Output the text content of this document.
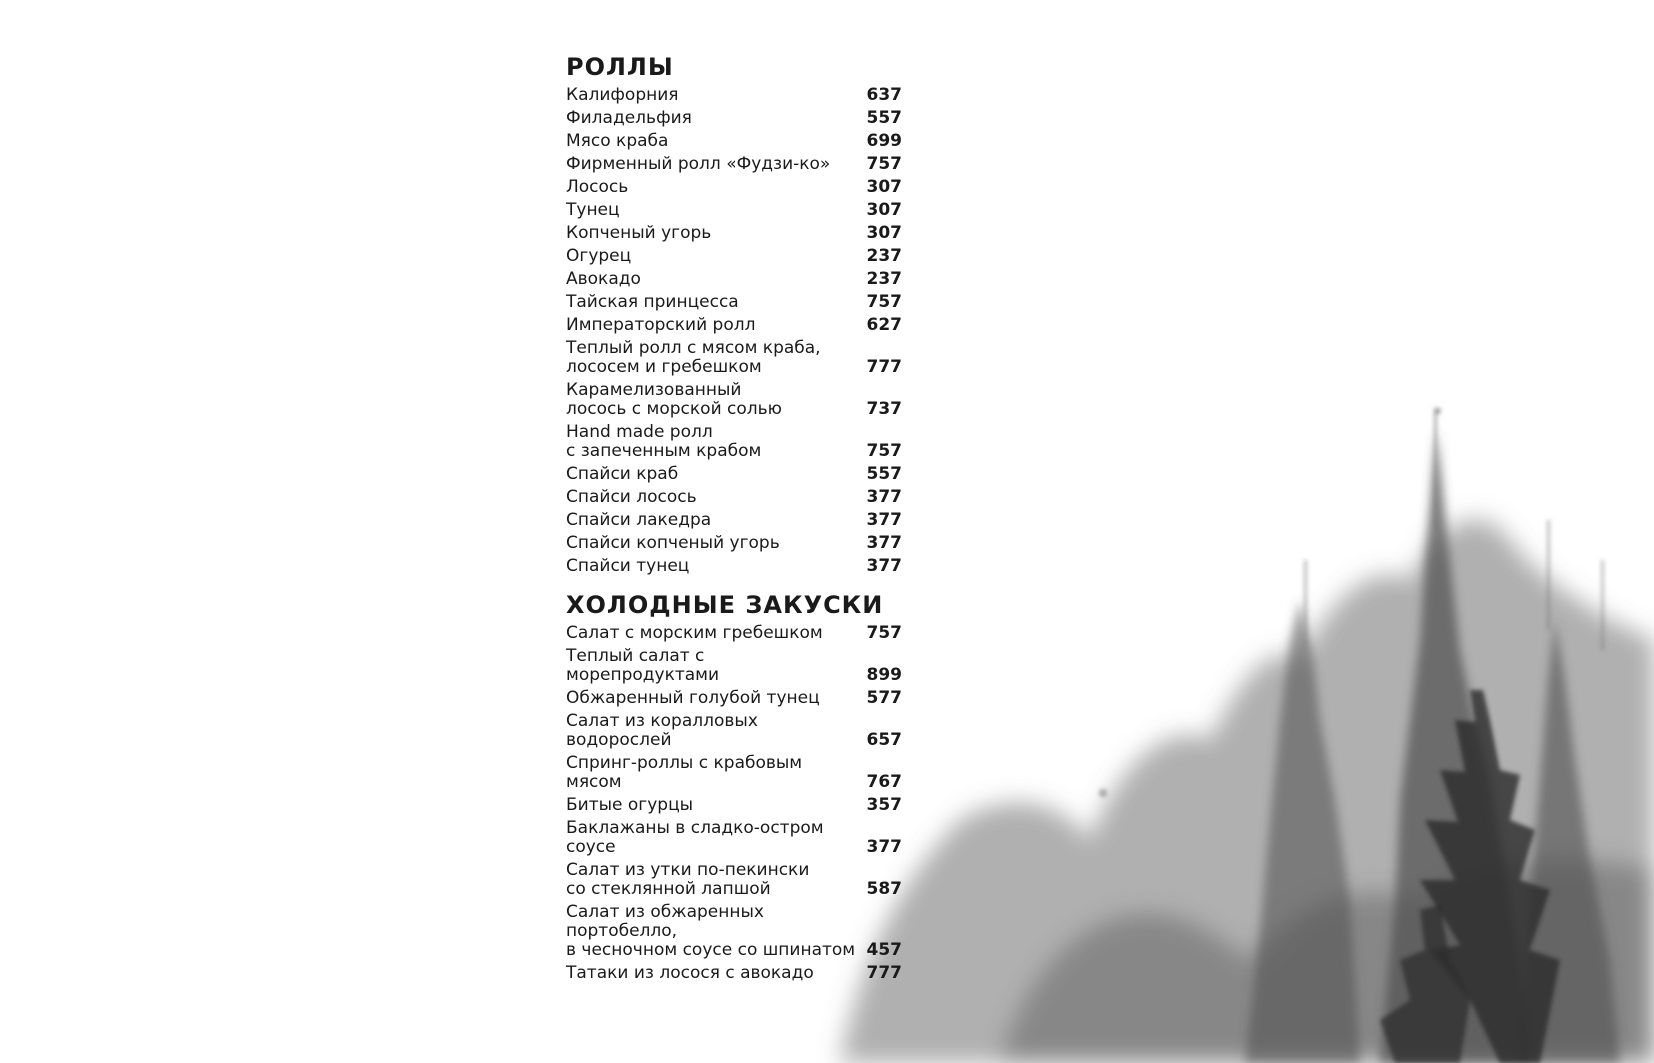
РОЛЛЫ
Калифорния	637
Филадельфия	557
Мясо краба	699
Фирменный ролл «Фудзи-ко»	757
Лосось	307
Тунец	307
Копченый угорь	307
Огурец	237
Авокадо	237
Тайская принцесса	757
Императорский ролл	627
Теплый ролл с мясом краба,
лососем и гребешком	777
Карамелизованный
лосось с морской солью	737
Hand made ролл
с запеченным крабом	757
Спайси краб	557
Спайси лосось	377
Спайси лакедра	377
Спайси копченый угорь	377
Спайси тунец	377
ХОЛОДНЫЕ ЗАКУСКИ
Салат с морским гребешком	757
Теплый салат с морепродуктами	899
Обжаренный голубой тунец	577
Салат из коралловых водорослей	657
Спринг-роллы с крабовым мясом	767
Битые огурцы	357
Баклажаны в сладко-остром соусе	377
Салат из утки по-пекински
со стеклянной лапшой	587
Салат из обжаренных портобелло,
в чесночном соусе со шпинатом 457
Татаки из лосося с авокадо	777
